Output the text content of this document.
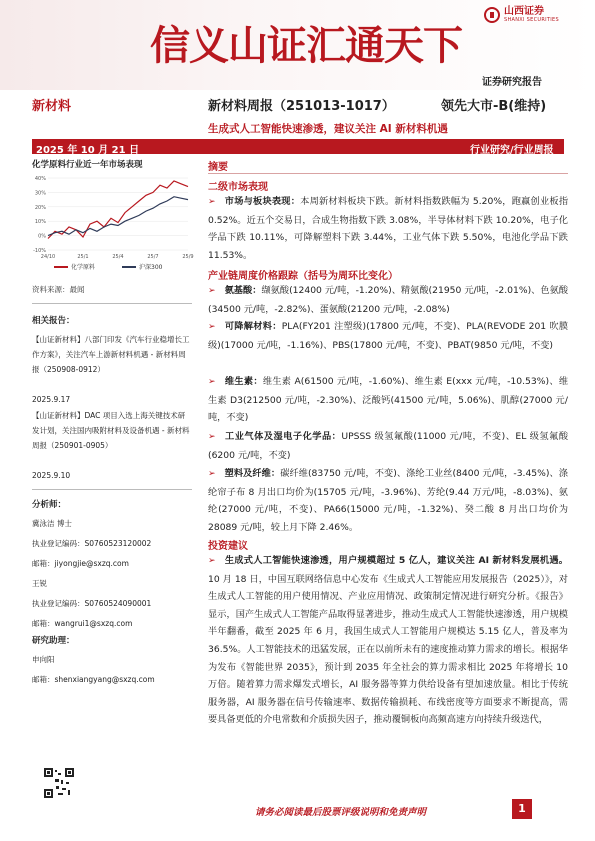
信义山证汇通天下
山西证券
SHANXI SECURITIES
证券研究报告
新材料	新材料周报（251013-1017）	领先大市-B(维持)
生成式人工智能快速渗透，建议关注 AI 新材料机遇
2025 年 10 月 21 日	行业研究/行业周报
化学原料行业近一年市场表现
-10%
0%
10%
20%
30%
40%
24/10	25/1	25/4	25/7	25/9
化学原料	沪深300
资料来源：最闻
相关报告：
【山证新材料】八部门印发《汽车行业稳增长工作方案》，关注汽车上游新材料机遇 - 新材料周报（250908-0912）
2025.9.17
【山证新材料】DAC 项目入选上海关键技术研发计划，关注国内吸附材料及设备机遇 - 新材料周报（250901-0905）
2025.9.10
分析师：
冀泳洁 博士
执业登记编码：S0760523120002
邮箱：jiyongjie@sxzq.com
王锐
执业登记编码：S0760524090001
邮箱：wangrui1@sxzq.com
研究助理：
申向阳
邮箱：shenxiangyang@sxzq.com
摘要
二级市场表现
➢ 市场与板块表现：本周新材料板块下跌。新材料指数跌幅为 5.20%，跑赢创业板指 0.52%。近五个交易日，合成生物指数下跌 3.08%，半导体材料下跌 10.20%，电子化学品下跌 10.11%，可降解塑料下跌 3.44%，工业气体下跌 5.50%，电池化学品下跌 11.53%。
产业链周度价格跟踪（括号为周环比变化）
➢ 氨基酸：缬氨酸(12400 元/吨，-1.20%)、精氨酸(21950 元/吨，-2.01%)、色氨酸(34500 元/吨，-2.82%)、蛋氨酸(21200 元/吨，-2.08%)
➢ 可降解材料：PLA(FY201 注塑级)(17800 元/吨，不变)、PLA(REVODE 201 吹膜级)(17000 元/吨，-1.16%)、PBS(17800 元/吨，不变)、PBAT(9850 元/吨，不变)
➢ 维生素：维生素 A(61500 元/吨，-1.60%)、维生素 E(xxx 元/吨，-10.53%)、维生素 D3(212500 元/吨，-2.30%)、泛酸钙(41500 元/吨，5.06%)、肌醇(27000 元/吨，不变)
➢ 工业气体及湿电子化学品：UPSSS 级氢氟酸(11000 元/吨，不变)、EL 级氢氟酸(6200 元/吨，不变)
➢ 塑料及纤维：碳纤维(83750 元/吨，不变)、涤纶工业丝(8400 元/吨，-3.45%)、涤纶帘子布 8 月出口均价为(15705 元/吨，-3.96%)、芳纶(9.44 万元/吨，-8.03%)、氨纶(27000 元/吨，不变)、PA66(15000 元/吨，-1.32%)、癸二酸 8 月出口均价为 28089 元/吨，较上月下降 2.46%。
投资建议
➢ 生成式人工智能快速渗透，用户规模超过 5 亿人，建议关注 AI 新材料发展机遇。10 月 18 日，中国互联网络信息中心发布《生成式人工智能应用发展报告（2025）》，对生成式人工智能的用户使用情况、产业应用情况、政策制定情况进行研究分析。《报告》显示，国产生成式人工智能产品取得显著进步，推动生成式人工智能快速渗透，用户规模半年翻番，截至 2025 年 6 月，我国生成式人工智能用户规模达 5.15 亿人，普及率为 36.5%。人工智能技术的迅猛发展，正在以前所未有的速度推动算力需求的增长。根据华为发布《智能世界 2035》，预计到 2035 年全社会的算力需求相比 2025 年将增长 10 万倍。随着算力需求爆发式增长，AI 服务器等算力供给设备有望加速放量。相比于传统服务器，AI 服务器在信号传输速率、数据传输损耗、布线密度等方面要求不断提高，需要具备更低的介电常数和介质损失因子，推动覆铜板向高频高速方向持续升级迭代，
请务必阅读最后股票评级说明和免责声明	1
